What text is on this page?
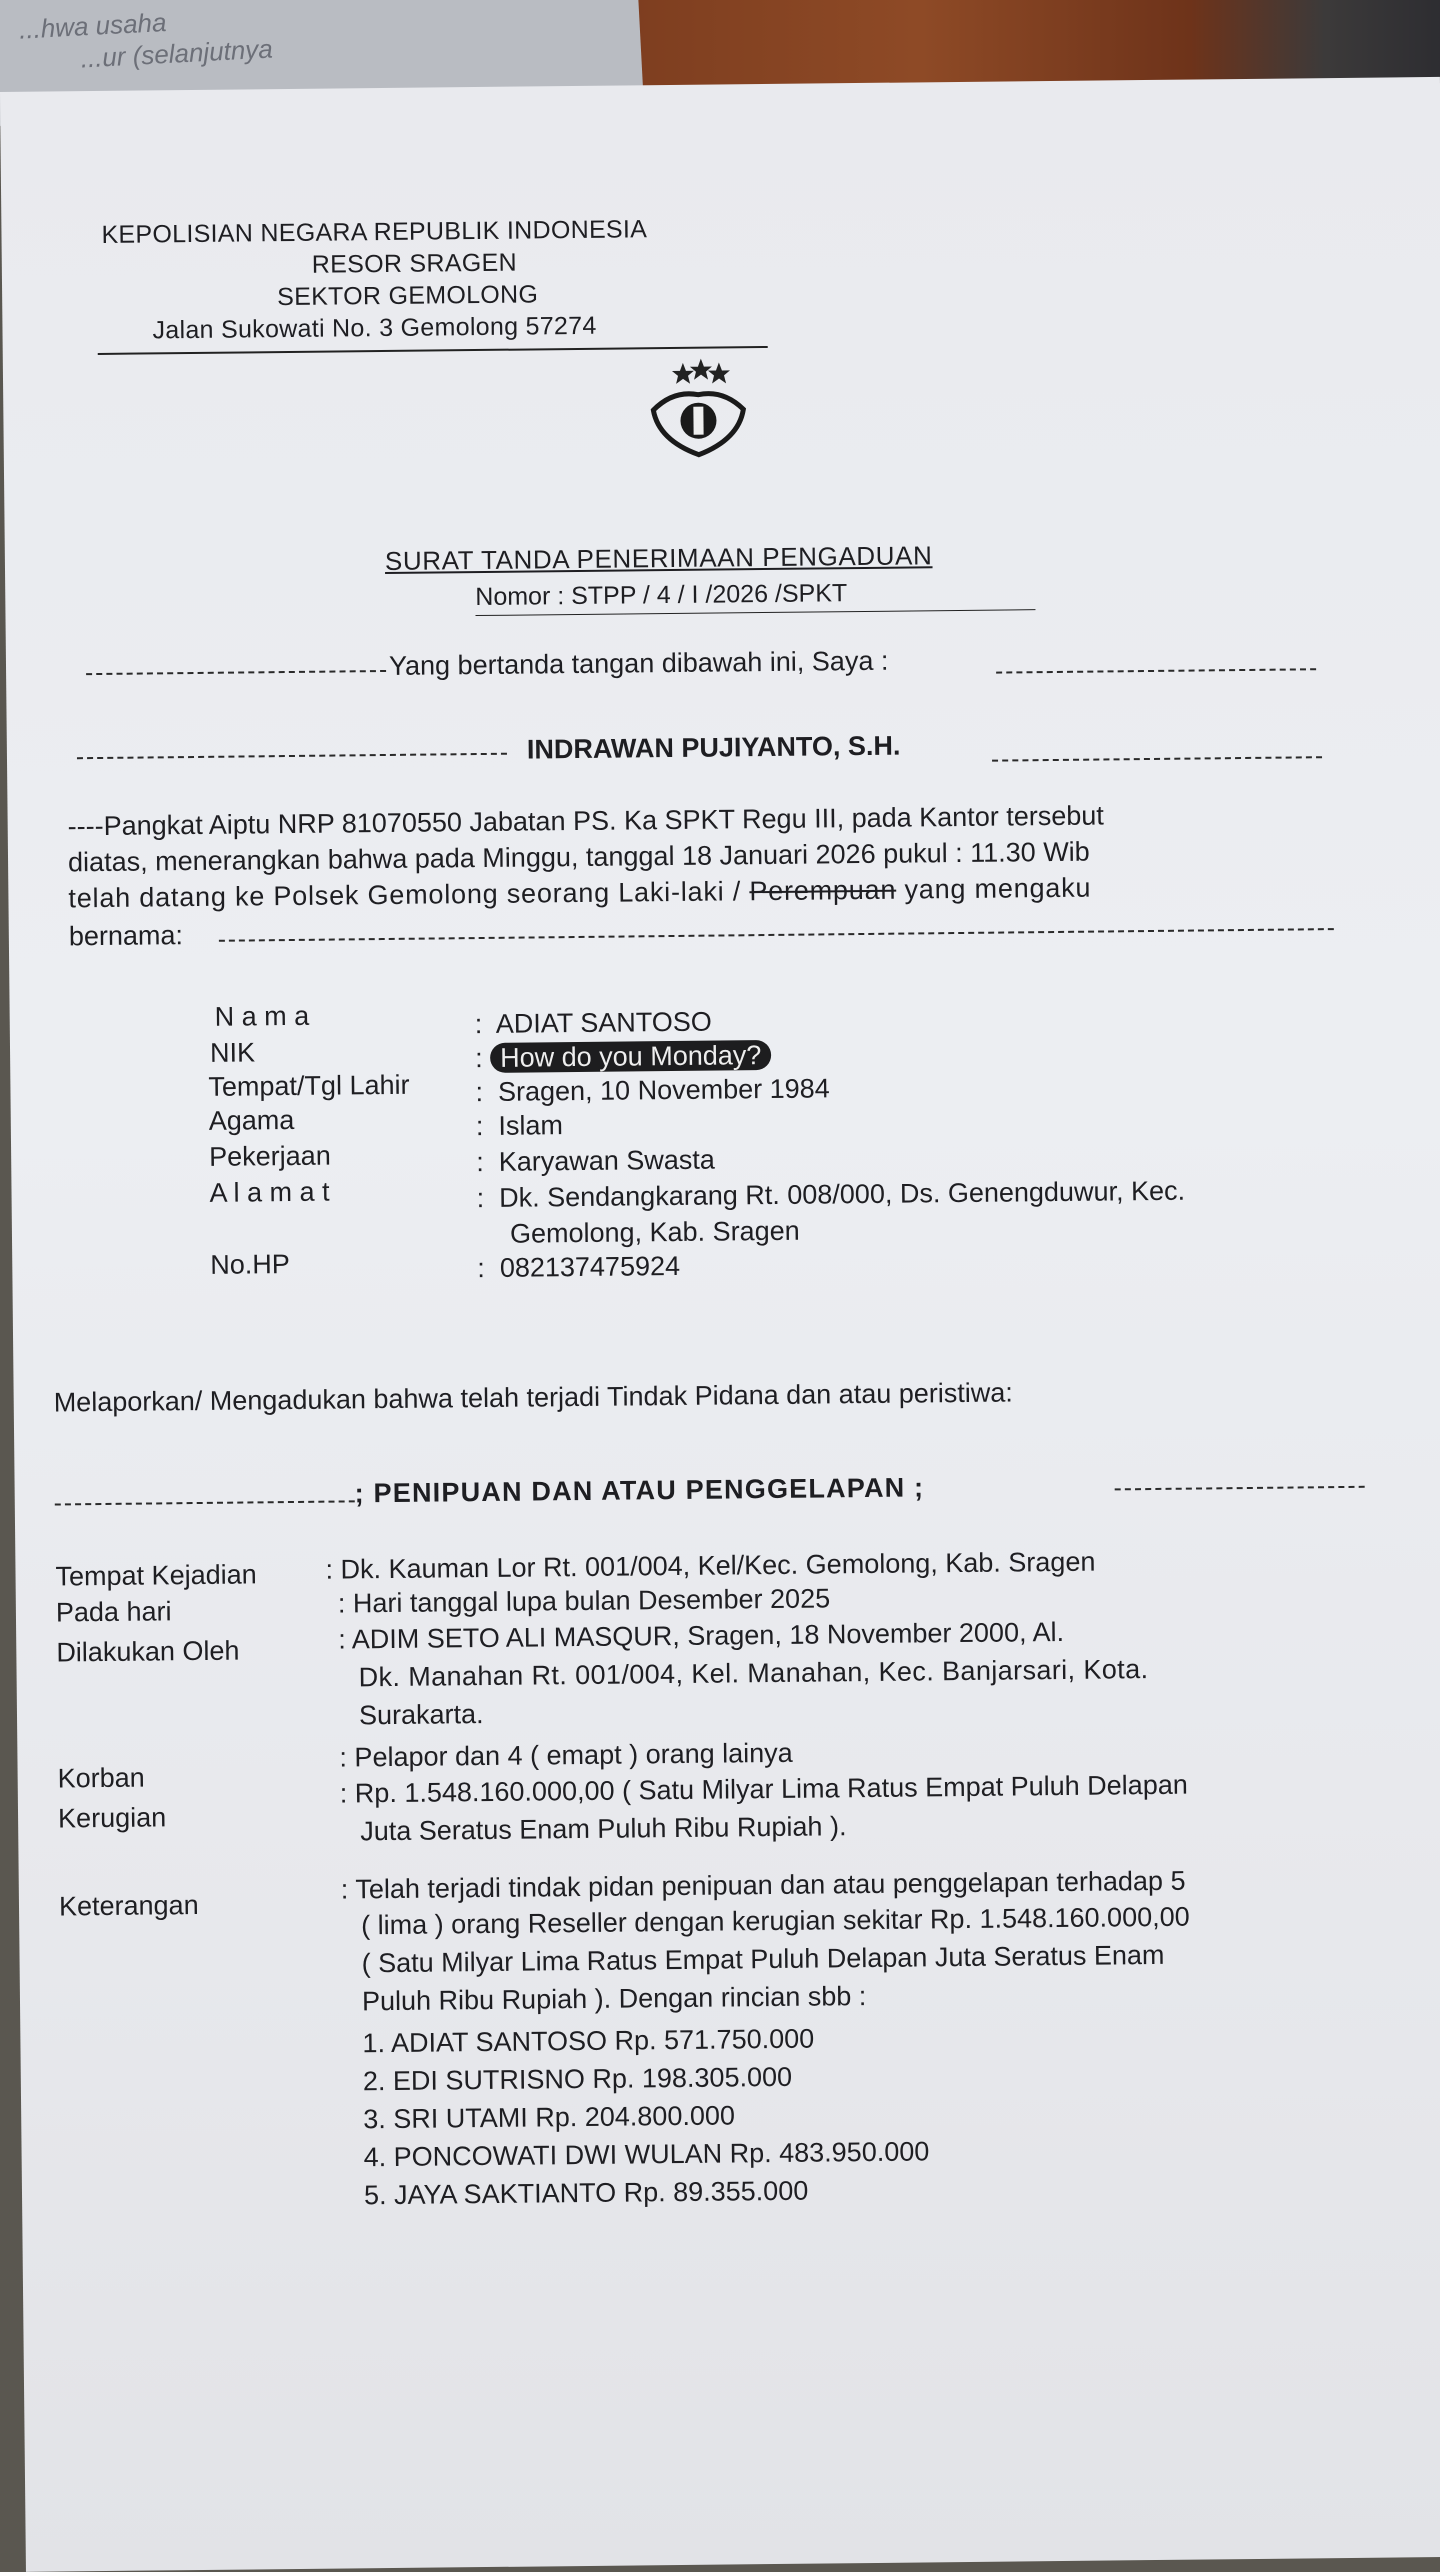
...hwa usaha
...ur (selanjutnya
KEPOLISIAN NEGARA REPUBLIK INDONESIA
RESOR SRAGEN
SEKTOR GEMOLONG
Jalan Sukowati No. 3 Gemolong 57274
SURAT TANDA PENERIMAAN PENGADUAN
Nomor : STPP / 4 / I /2026 /SPKT
Yang bertanda tangan dibawah ini, Saya :
INDRAWAN PUJIYANTO, S.H.
----Pangkat Aiptu NRP 81070550 Jabatan PS. Ka SPKT Regu III, pada Kantor tersebut
diatas, menerangkan bahwa pada Minggu, tanggal 18 Januari 2026 pukul : 11.30 Wib
telah datang ke Polsek Gemolong seorang Laki-laki / Perempuan yang mengaku
bernama:
N a m a	:  ADIAT SANTOSO
NIK	: How do you Monday?
Tempat/Tgl Lahir :  Sragen, 10 November 1984
Agama	:  Islam
Pekerjaan	:  Karyawan Swasta
A l a m a t	:  Dk. Sendangkarang Rt. 008/000, Ds. Genengduwur, Kec.
Gemolong, Kab. Sragen
No.HP	:  082137475924
Melaporkan/ Mengadukan bahwa telah terjadi Tindak Pidana dan atau peristiwa:
; PENIPUAN DAN ATAU PENGGELAPAN ;
Tempat Kejadian	: Dk. Kauman Lor Rt. 001/004, Kel/Kec. Gemolong, Kab. Sragen
Pada hari	: Hari tanggal lupa bulan Desember 2025
Dilakukan Oleh	: ADIM SETO ALI MASQUR, Sragen, 18 November 2000, Al.
Dk. Manahan Rt. 001/004, Kel. Manahan, Kec. Banjarsari, Kota.
Surakarta.
Korban
: Pelapor dan 4 ( emapt ) orang lainya
Kerugian
: Rp. 1.548.160.000,00 ( Satu Milyar Lima Ratus Empat Puluh Delapan
Juta Seratus Enam Puluh Ribu Rupiah ).
Keterangan
: Telah terjadi tindak pidan penipuan dan atau penggelapan terhadap 5
( lima ) orang Reseller dengan kerugian sekitar Rp. 1.548.160.000,00
( Satu Milyar Lima Ratus Empat Puluh Delapan Juta Seratus Enam
Puluh Ribu Rupiah ). Dengan rincian sbb :
1. ADIAT SANTOSO Rp. 571.750.000
2. EDI SUTRISNO Rp. 198.305.000
3. SRI UTAMI Rp. 204.800.000
4. PONCOWATI DWI WULAN Rp. 483.950.000
5. JAYA SAKTIANTO Rp. 89.355.000
